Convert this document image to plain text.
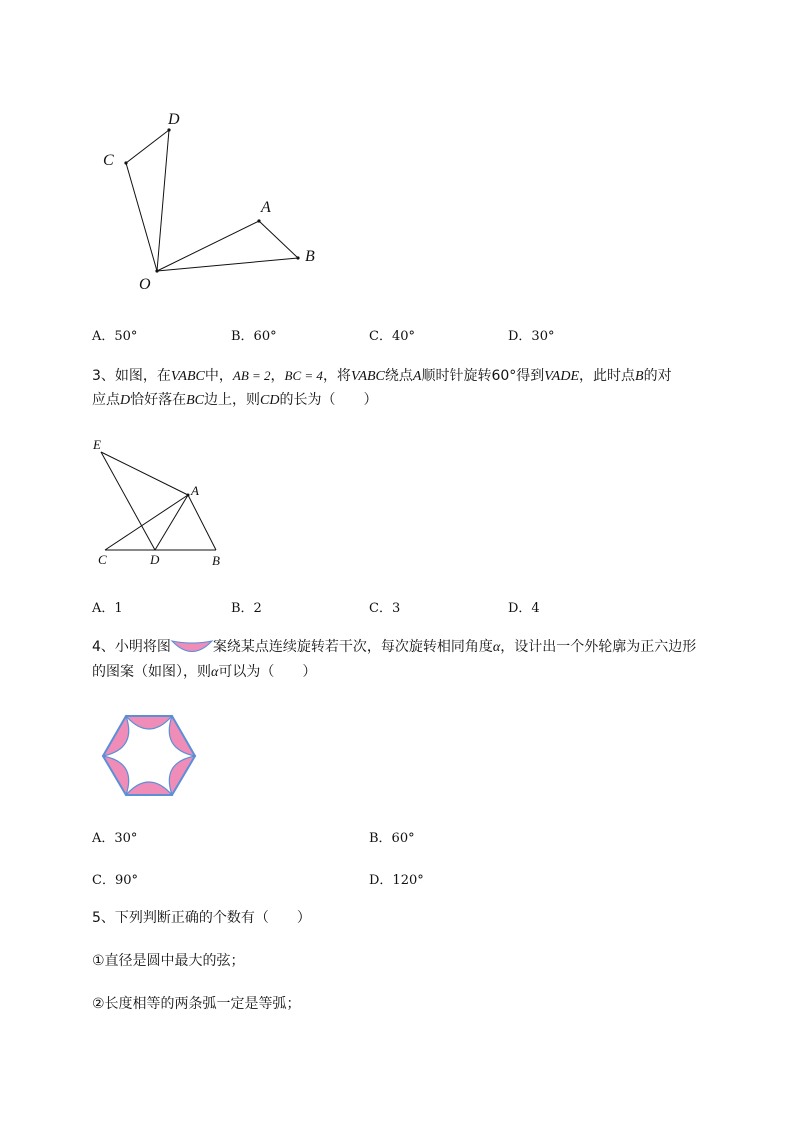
D
C
A
B
O
A．50°	B．60°	C．40°	D．30°
3、如图，在VABC中，AB = 2，BC = 4，将VABC绕点A顺时针旋转60°得到VADE，此时点B的对
应点D恰好落在BC边上，则CD的长为（　　）
E
A
C	D	B
A．1	B．2	C．3	D．4
4、小明将图	案绕某点连续旋转若干次，每次旋转相同角度α，设计出一个外轮廓为正六边形
的图案（如图），则α可以为（　　）
A．30°	B．60°
C．90°	D．120°
5、下列判断正确的个数有（　　）
①直径是圆中最大的弦；
②长度相等的两条弧一定是等弧；
